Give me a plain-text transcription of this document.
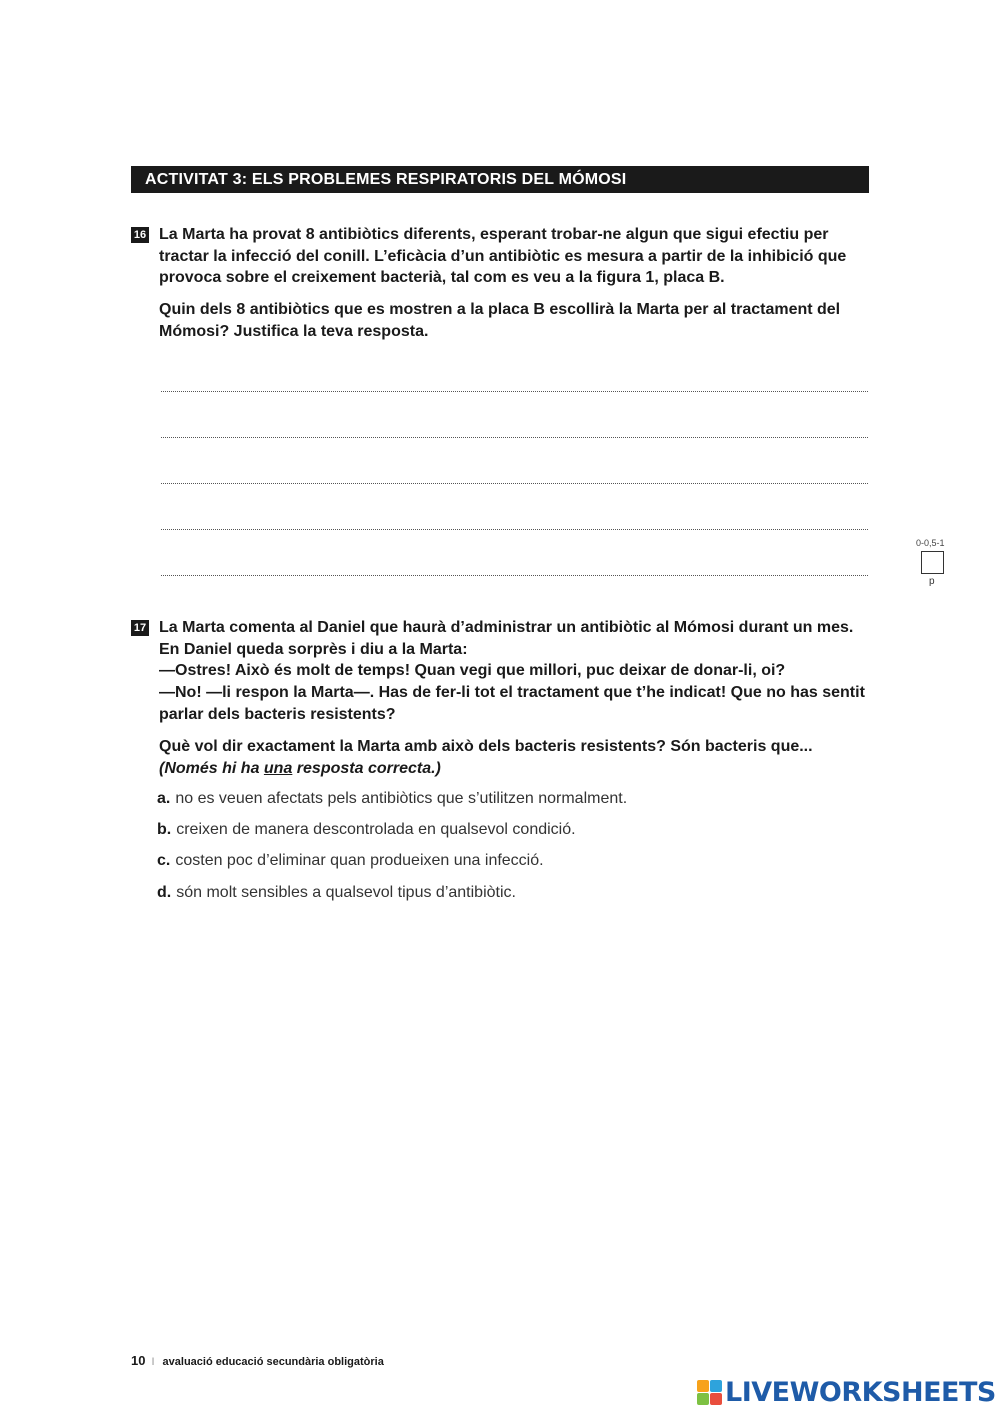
ACTIVITAT 3: ELS PROBLEMES RESPIRATORIS DEL MÓMOSI
16 La Marta ha provat 8 antibiòtics diferents, esperant trobar-ne algun que sigui efectiu per tractar la infecció del conill. L’eficàcia d’un antibiòtic es mesura a partir de la inhibició que provoca sobre el creixement bacterià, tal com es veu a la figura 1, placa B.

Quin dels 8 antibiòtics que es mostren a la placa B escollirà la Marta per al tractament del Mómosi? Justifica la teva resposta.

0-0,5-1
p
17 La Marta comenta al Daniel que haurà d’administrar un antibiòtic al Mómosi durant un mes. En Daniel queda sorprès i diu a la Marta:

—Ostres! Això és molt de temps! Quan vegi que millori, puc deixar de donar-li, oi?

—No! —li respon la Marta—. Has de fer-li tot el tractament que t’he indicat! Que no has sentit parlar dels bacteris resistents?

Què vol dir exactament la Marta amb això dels bacteris resistents? Són bacteris que...

(Només hi ha una resposta correcta.)

a. no es veuen afectats pels antibiòtics que s’utilitzen normalment.
b. creixen de manera descontrolada en qualsevol condició.
c. costen poc d’eliminar quan produeixen una infecció.
d. són molt sensibles a qualsevol tipus d’antibiòtic.
10 I avaluació educació secundària obligatòria
LIVEWORKSHEETS
